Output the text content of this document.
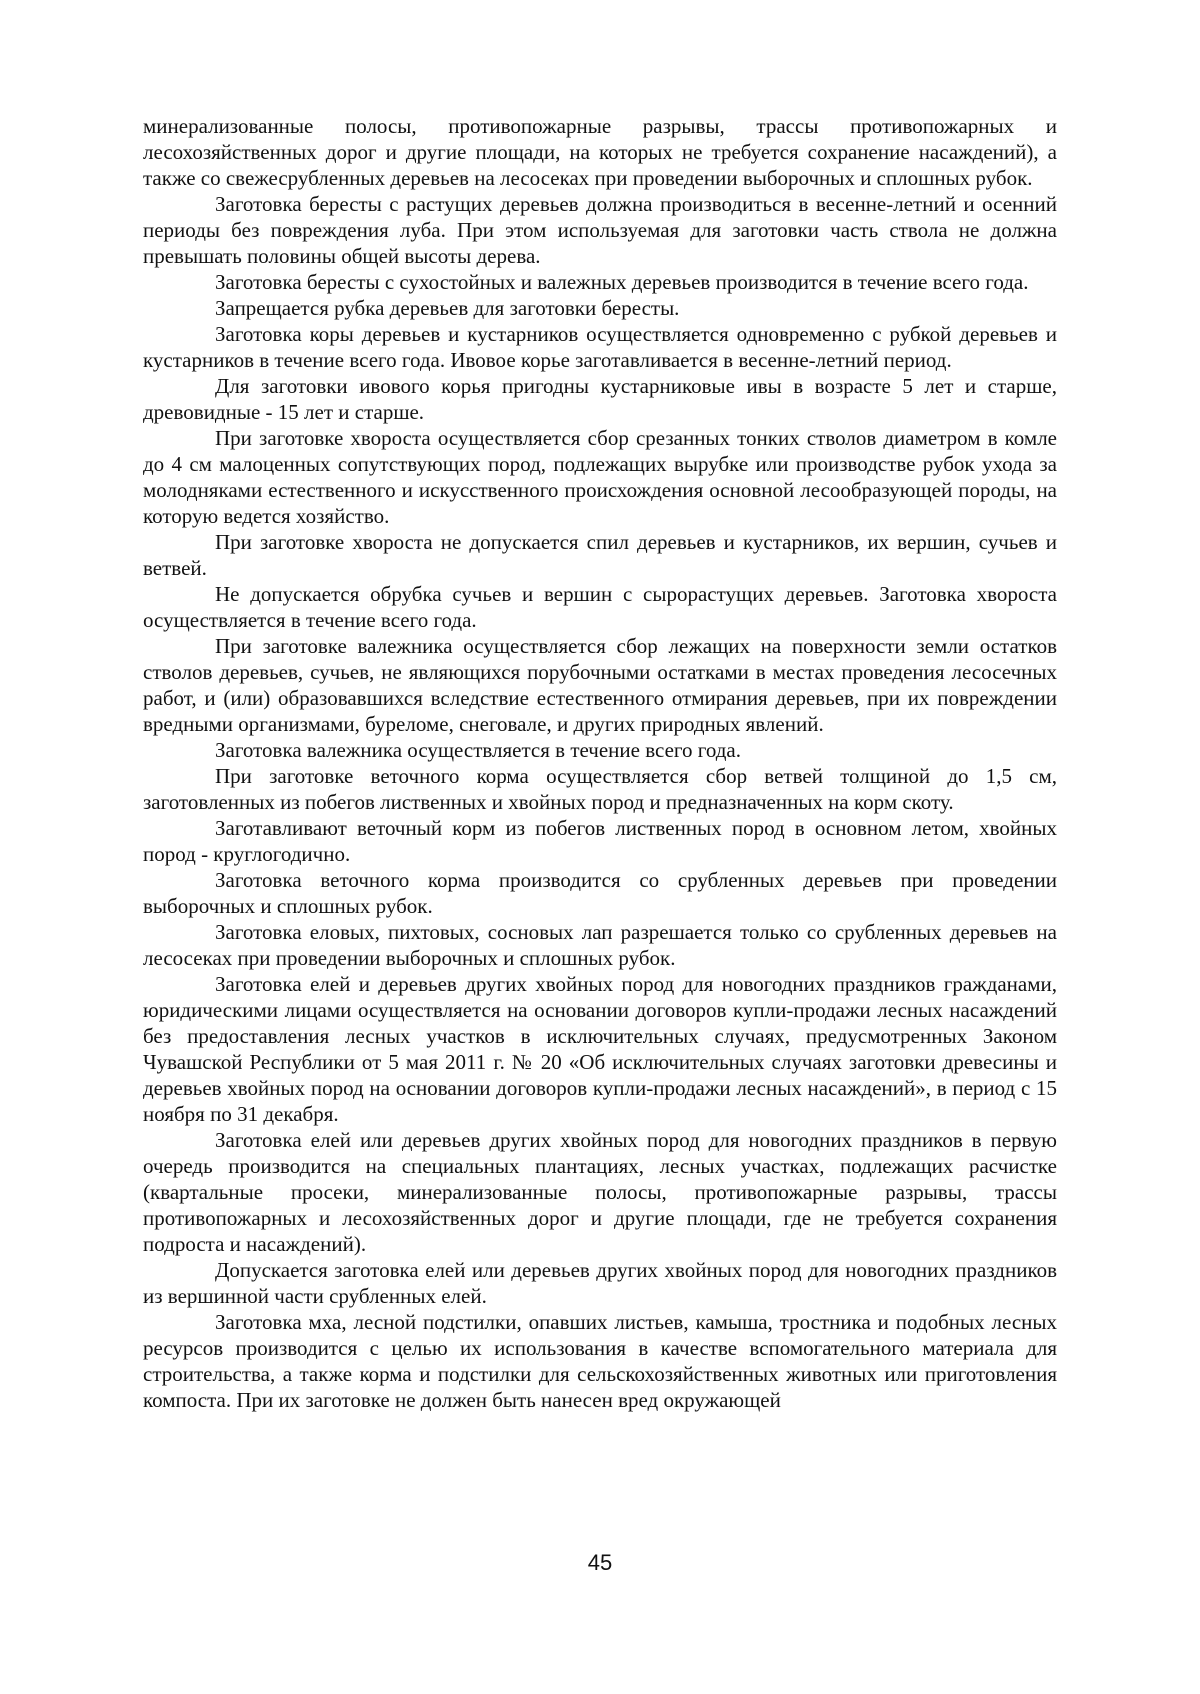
минерализованные полосы, противопожарные разрывы, трассы противопожарных и лесохозяйственных дорог и другие площади, на которых не требуется сохранение насаждений), а также со свежесрубленных деревьев на лесосеках при проведении выборочных и сплошных рубок.

Заготовка бересты с растущих деревьев должна производиться в весенне-летний и осенний периоды без повреждения луба. При этом используемая для заготовки часть ствола не должна превышать половины общей высоты дерева.

Заготовка бересты с сухостойных и валежных деревьев производится в течение всего года.

Запрещается рубка деревьев для заготовки бересты.

Заготовка коры деревьев и кустарников осуществляется одновременно с рубкой деревьев и кустарников в течение всего года. Ивовое корье заготавливается в весенне-летний период.

Для заготовки ивового корья пригодны кустарниковые ивы в возрасте 5 лет и старше, древовидные - 15 лет и старше.

При заготовке хвороста осуществляется сбор срезанных тонких стволов диаметром в комле до 4 см малоценных сопутствующих пород, подлежащих вырубке или производстве рубок ухода за молодняками естественного и искусственного происхождения основной лесообразующей породы, на которую ведется хозяйство.

При заготовке хвороста не допускается спил деревьев и кустарников, их вершин, сучьев и ветвей.

Не допускается обрубка сучьев и вершин с сырорастущих деревьев. Заготовка хвороста осуществляется в течение всего года.

При заготовке валежника осуществляется сбор лежащих на поверхности земли остатков стволов деревьев, сучьев, не являющихся порубочными остатками в местах проведения лесосечных работ, и (или) образовавшихся вследствие естественного отмирания деревьев, при их повреждении вредными организмами, буреломе, снеговале, и других природных явлений.

Заготовка валежника осуществляется в течение всего года.

При заготовке веточного корма осуществляется сбор ветвей толщиной до 1,5 см, заготовленных из побегов лиственных и хвойных пород и предназначенных на корм скоту.

Заготавливают веточный корм из побегов лиственных пород в основном летом, хвойных пород - круглогодично.

Заготовка веточного корма производится со срубленных деревьев при проведении выборочных и сплошных рубок.

Заготовка еловых, пихтовых, сосновых лап разрешается только со срубленных деревьев на лесосеках при проведении выборочных и сплошных рубок.

Заготовка елей и деревьев других хвойных пород для новогодних праздников гражданами, юридическими лицами осуществляется на основании договоров купли-продажи лесных насаждений без предоставления лесных участков в исключительных случаях, предусмотренных Законом Чувашской Республики от 5 мая 2011 г. № 20 «Об исключительных случаях заготовки древесины и деревьев хвойных пород на основании договоров купли-продажи лесных насаждений», в период с 15 ноября по 31 декабря.

Заготовка елей или деревьев других хвойных пород для новогодних праздников в первую очередь производится на специальных плантациях, лесных участках, подлежащих расчистке (квартальные просеки, минерализованные полосы, противопожарные разрывы, трассы противопожарных и лесохозяйственных дорог и другие площади, где не требуется сохранения подроста и насаждений).

Допускается заготовка елей или деревьев других хвойных пород для новогодних праздников из вершинной части срубленных елей.

Заготовка мха, лесной подстилки, опавших листьев, камыша, тростника и подобных лесных ресурсов производится с целью их использования в качестве вспомогательного материала для строительства, а также корма и подстилки для сельскохозяйственных животных или приготовления компоста. При их заготовке не должен быть нанесен вред окружающей

45
